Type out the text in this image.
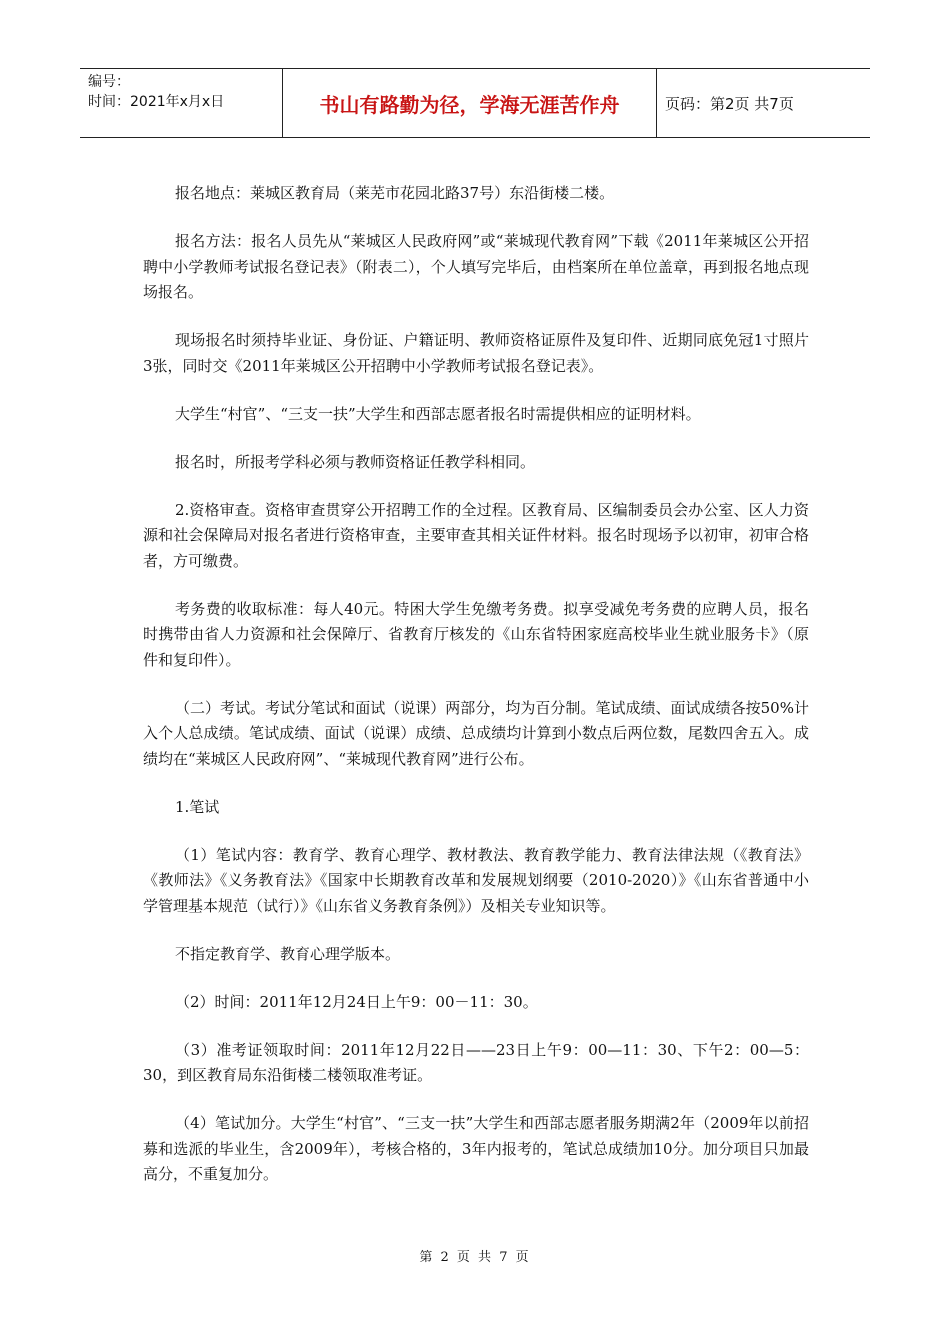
编号：
时间：2021年x月x日	书山有路勤为径，学海无涯苦作舟	页码：第2页 共7页

报名地点：莱城区教育局（莱芜市花园北路37号）东沿街楼二楼。

报名方法：报名人员先从“莱城区人民政府网”或“莱城现代教育网”下载《2011年莱城区公开招聘中小学教师考试报名登记表》（附表二），个人填写完毕后，由档案所在单位盖章，再到报名地点现场报名。

现场报名时须持毕业证、身份证、户籍证明、教师资格证原件及复印件、近期同底免冠1寸照片3张，同时交《2011年莱城区公开招聘中小学教师考试报名登记表》。

大学生“村官”、“三支一扶”大学生和西部志愿者报名时需提供相应的证明材料。

报名时，所报考学科必须与教师资格证任教学科相同。

2.资格审查。资格审查贯穿公开招聘工作的全过程。区教育局、区编制委员会办公室、区人力资源和社会保障局对报名者进行资格审查，主要审查其相关证件材料。报名时现场予以初审，初审合格者，方可缴费。

考务费的收取标准：每人40元。特困大学生免缴考务费。拟享受减免考务费的应聘人员，报名时携带由省人力资源和社会保障厅、省教育厅核发的《山东省特困家庭高校毕业生就业服务卡》（原件和复印件）。

（二）考试。考试分笔试和面试（说课）两部分，均为百分制。笔试成绩、面试成绩各按50%计入个人总成绩。笔试成绩、面试（说课）成绩、总成绩均计算到小数点后两位数，尾数四舍五入。成绩均在“莱城区人民政府网”、“莱城现代教育网”进行公布。

1.笔试

（1）笔试内容：教育学、教育心理学、教材教法、教育教学能力、教育法律法规（《教育法》《教师法》《义务教育法》《国家中长期教育改革和发展规划纲要（2010-2020）》《山东省普通中小学管理基本规范（试行）》《山东省义务教育条例》）及相关专业知识等。

不指定教育学、教育心理学版本。

（2）时间：2011年12月24日上午9：00－11：30。

（3）准考证领取时间：2011年12月22日——23日上午9：00—11：30、下午2：00—5：30，到区教育局东沿街楼二楼领取准考证。

（4）笔试加分。大学生“村官”、“三支一扶”大学生和西部志愿者服务期满2年（2009年以前招募和选派的毕业生，含2009年），考核合格的，3年内报考的，笔试总成绩加10分。加分项目只加最高分，不重复加分。

第 2 页 共 7 页
